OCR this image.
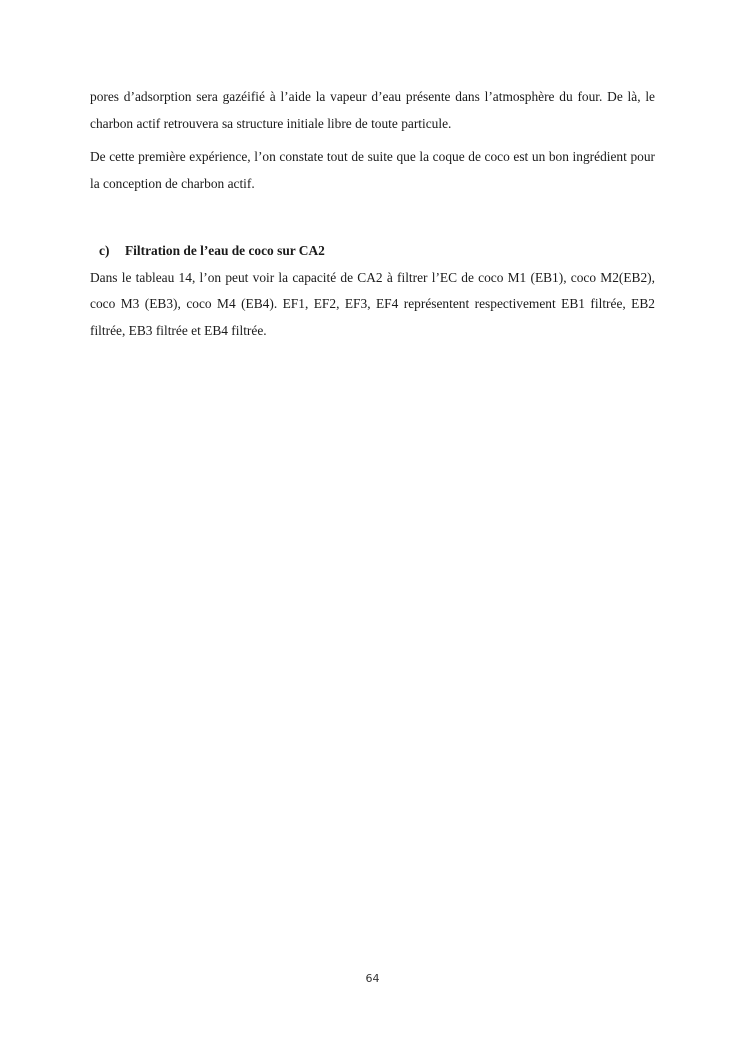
pores d’adsorption sera gazéifié à l’aide la vapeur d’eau présente dans l’atmosphère du four. De là, le charbon actif retrouvera sa structure initiale libre de toute particule.

De cette première expérience, l’on constate tout de suite que la coque de coco est un bon ingrédient pour la conception de charbon actif.

c) Filtration de l’eau de coco sur CA2

Dans le tableau 14, l’on peut voir la capacité de CA2 à filtrer l’EC de coco M1 (EB1), coco M2(EB2), coco M3 (EB3), coco M4 (EB4). EF1, EF2, EF3, EF4 représentent respectivement EB1 filtrée, EB2 filtrée, EB3 filtrée et EB4 filtrée.

64
